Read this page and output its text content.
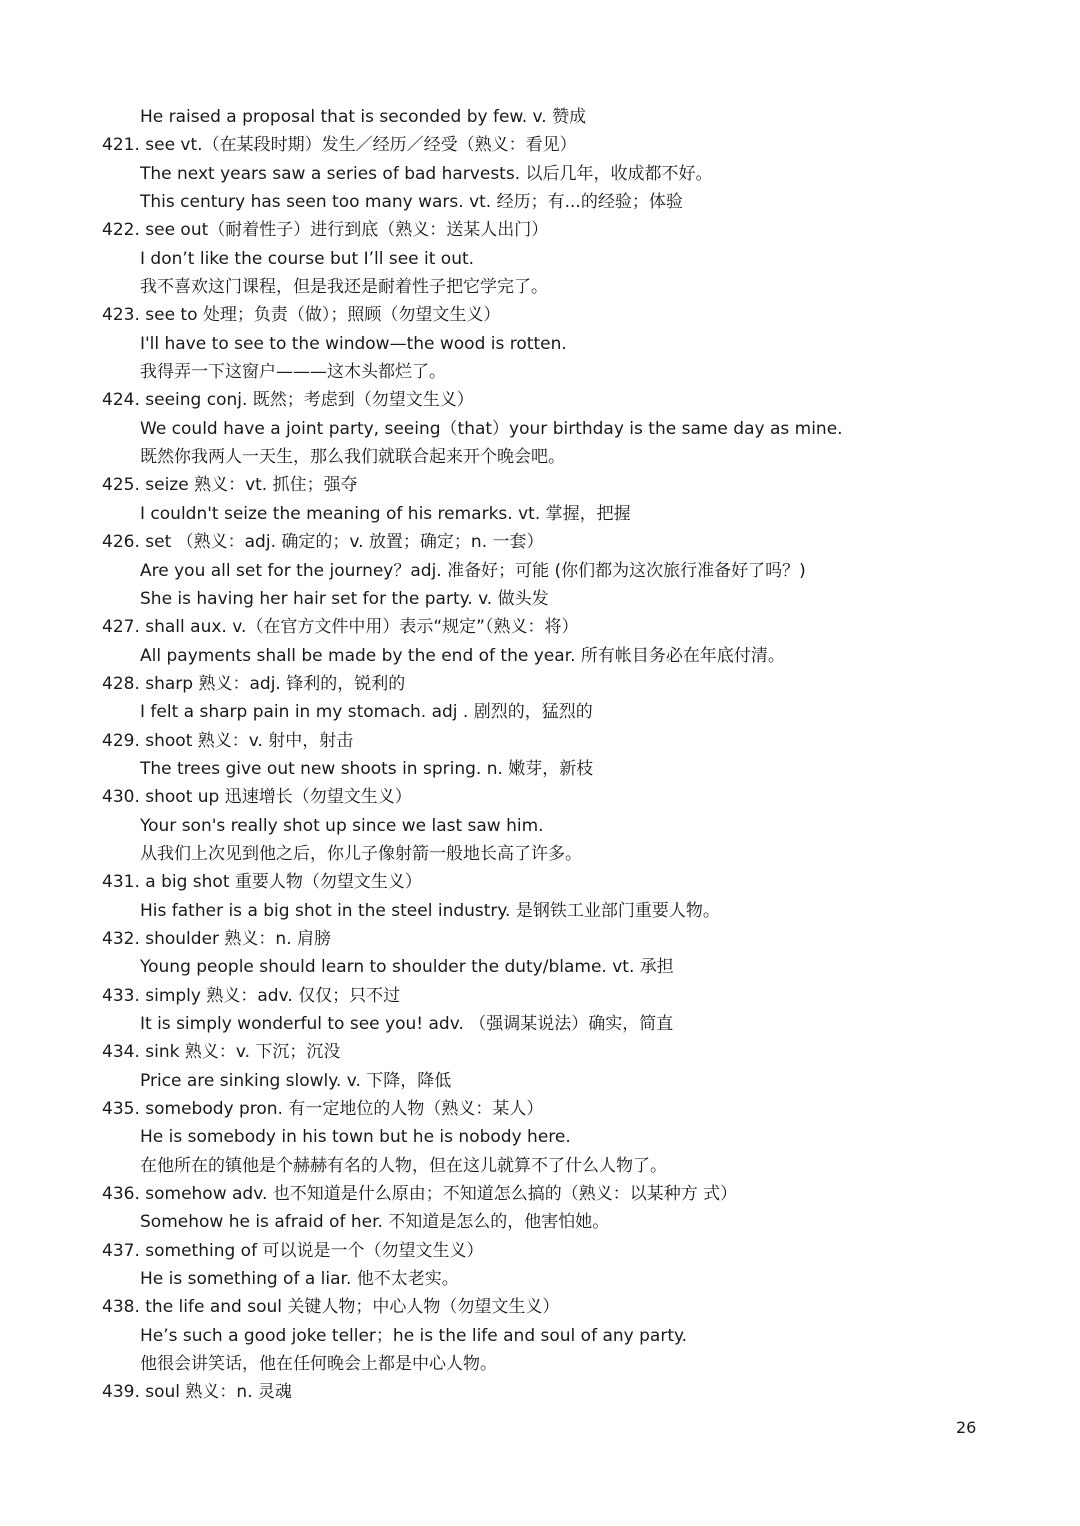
He raised a proposal that is seconded by few. v. 赞成
421. see vt.（在某段时期）发生／经历／经受（熟义：看见）
The next years saw a series of bad harvests. 以后几年，收成都不好。
This century has seen too many wars. vt. 经历；有...的经验；体验
422. see out（耐着性子）进行到底（熟义：送某人出门）
I don’t like the course but I’ll see it out.
我不喜欢这门课程，但是我还是耐着性子把它学完了。
423. see to 处理；负责（做）；照顾（勿望文生义）
I'll have to see to the window—the wood is rotten.
我得弄一下这窗户———这木头都烂了。
424. seeing conj. 既然；考虑到（勿望文生义）
We could have a joint party, seeing（that）your birthday is the same day as mine.
既然你我两人一天生，那么我们就联合起来开个晚会吧。
425. seize 熟义：vt. 抓住；强夺
I couldn't seize the meaning of his remarks. vt. 掌握，把握
426. set （熟义：adj. 确定的；v. 放置；确定；n. 一套）
Are you all set for the journey？adj. 准备好；可能 (你们都为这次旅行准备好了吗？)
She is having her hair set for the party. v. 做头发
427. shall aux. v.（在官方文件中用）表示“规定”（熟义：将）
All payments shall be made by the end of the year. 所有帐目务必在年底付清。
428. sharp 熟义：adj. 锋利的，锐利的
I felt a sharp pain in my stomach. adj . 剧烈的，猛烈的
429. shoot 熟义：v. 射中，射击
The trees give out new shoots in spring. n. 嫩芽，新枝
430. shoot up 迅速增长（勿望文生义）
Your son's really shot up since we last saw him.
从我们上次见到他之后，你儿子像射箭一般地长高了许多。
431. a big shot 重要人物（勿望文生义）
His father is a big shot in the steel industry. 是钢铁工业部门重要人物。
432. shoulder 熟义：n. 肩膀
Young people should learn to shoulder the duty/blame. vt. 承担
433. simply 熟义：adv. 仅仅；只不过
It is simply wonderful to see you! adv. （强调某说法）确实，简直
434. sink 熟义：v. 下沉；沉没
Price are sinking slowly. v. 下降，降低
435. somebody pron. 有一定地位的人物（熟义：某人）
He is somebody in his town but he is nobody here.
在他所在的镇他是个赫赫有名的人物，但在这儿就算不了什么人物了。
436. somehow adv. 也不知道是什么原由；不知道怎么搞的（熟义：以某种方 式）
Somehow he is afraid of her. 不知道是怎么的，他害怕她。
437. something of 可以说是一个（勿望文生义）
He is something of a liar. 他不太老实。
438. the life and soul 关键人物；中心人物（勿望文生义）
He’s such a good joke teller；he is the life and soul of any party.
他很会讲笑话，他在任何晚会上都是中心人物。
439. soul 熟义：n. 灵魂
26
